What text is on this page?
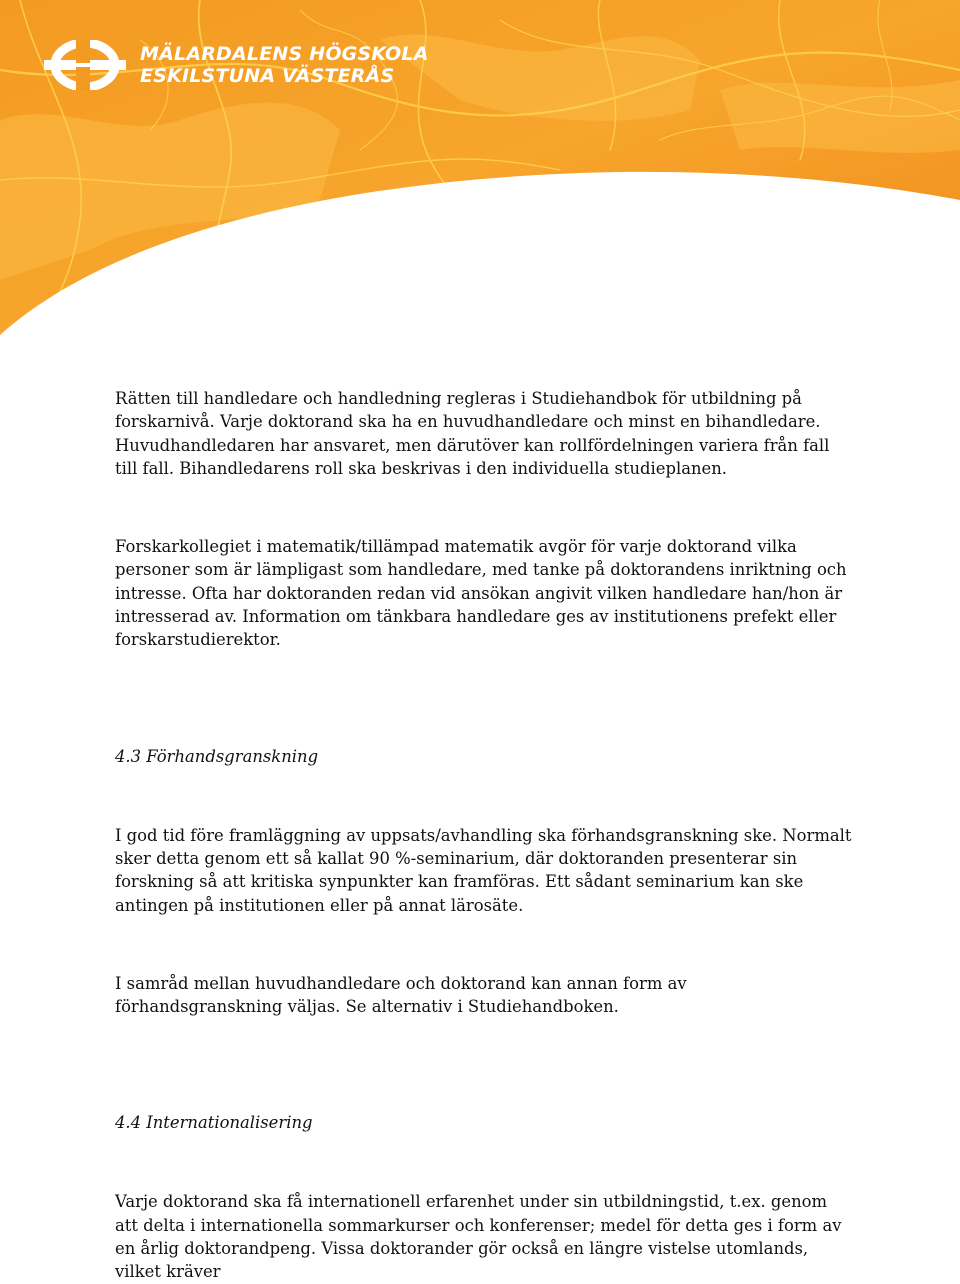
MÄLARDALENS HÖGSKOLA
ESKILSTUNA VÄSTERÅS

Rätten till handledare och handledning regleras i Studiehandbok för utbildning på forskarnivå. Varje doktorand ska ha en huvudhandledare och minst en bihandledare. Huvudhandledaren har ansvaret, men därutöver kan rollfördelningen variera från fall till fall. Bihandledarens roll ska beskrivas i den individuella studieplanen.

Forskarkollegiet i matematik/tillämpad matematik avgör för varje doktorand vilka personer som är lämpligast som handledare, med tanke på doktorandens inriktning och intresse. Ofta har doktoranden redan vid ansökan angivit vilken handledare han/hon är intresserad av. Information om tänkbara handledare ges av institutionens prefekt eller forskarstudierektor.

4.3 Förhandsgranskning

I god tid före framläggning av uppsats/avhandling ska förhandsgranskning ske. Normalt sker detta genom ett så kallat 90 %-seminarium, där doktoranden presenterar sin forskning så att kritiska synpunkter kan framföras. Ett sådant seminarium kan ske antingen på institutionen eller på annat lärosäte.

I samråd mellan huvudhandledare och doktorand kan annan form av förhandsgranskning väljas. Se alternativ i Studiehandboken.

4.4 Internationalisering

Varje doktorand ska få internationell erfarenhet under sin utbildningstid, t.ex. genom att delta i internationella sommarkurser och konferenser; medel för detta ges i form av en årlig doktorandpeng. Vissa doktorander gör också en längre vistelse utomlands, vilket kräver
